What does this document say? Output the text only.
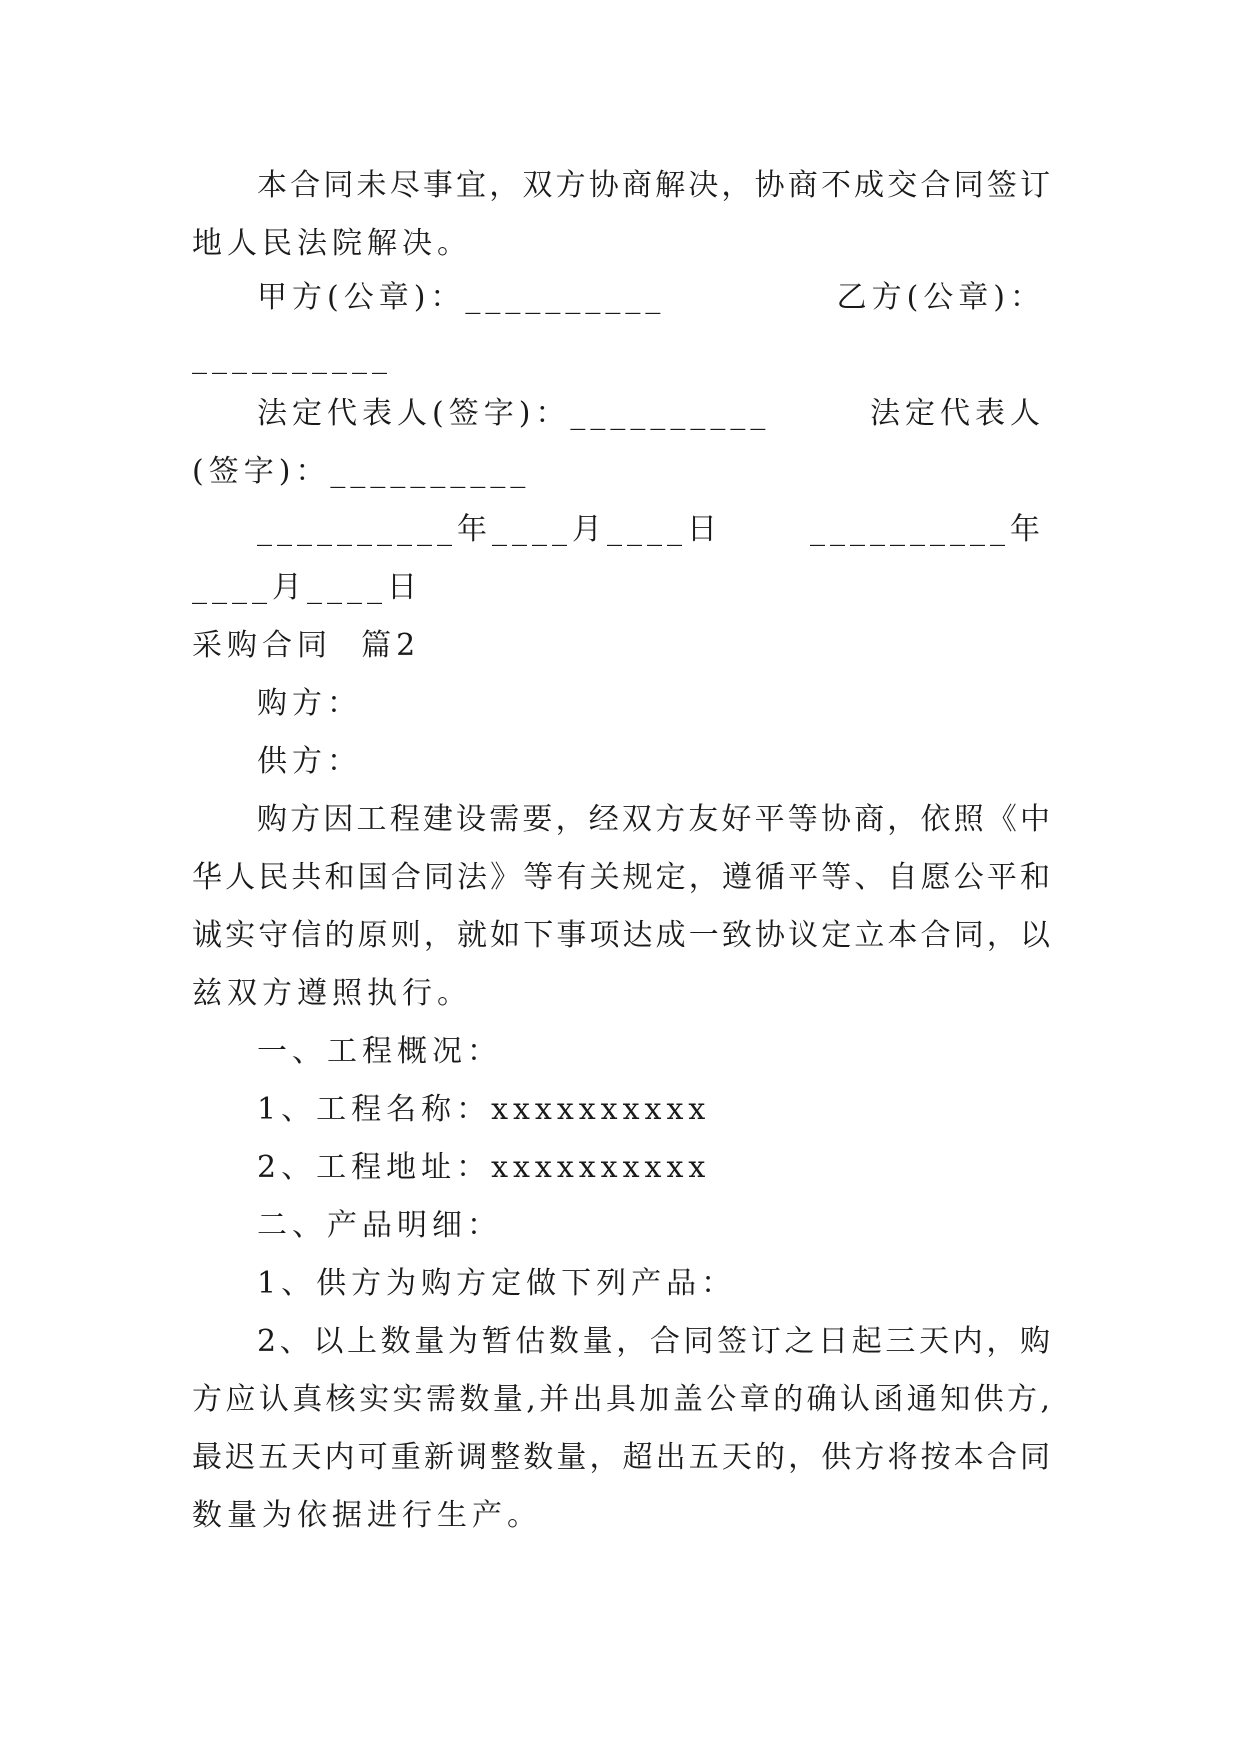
本合同未尽事宜，双方协商解决，协商不成交合同签订
地人民法院解决。
甲方(公章)：__________	乙方(公章)：
__________
法定代表人(签字)：__________	法定代表人
(签字)：__________
__________年____月____日	__________年
____月____日
采购合同  篇2
购方：
供方：
购方因工程建设需要，经双方友好平等协商，依照《中
华人民共和国合同法》等有关规定，遵循平等、自愿公平和
诚实守信的原则，就如下事项达成一致协议定立本合同，以
兹双方遵照执行。
一、工程概况：
1、工程名称：xxxxxxxxxx
2、工程地址：xxxxxxxxxx
二、产品明细：
1、供方为购方定做下列产品：
2、以上数量为暂估数量，合同签订之日起三天内，购
方应认真核实实需数量,并出具加盖公章的确认函通知供方,
最迟五天内可重新调整数量，超出五天的，供方将按本合同
数量为依据进行生产。
